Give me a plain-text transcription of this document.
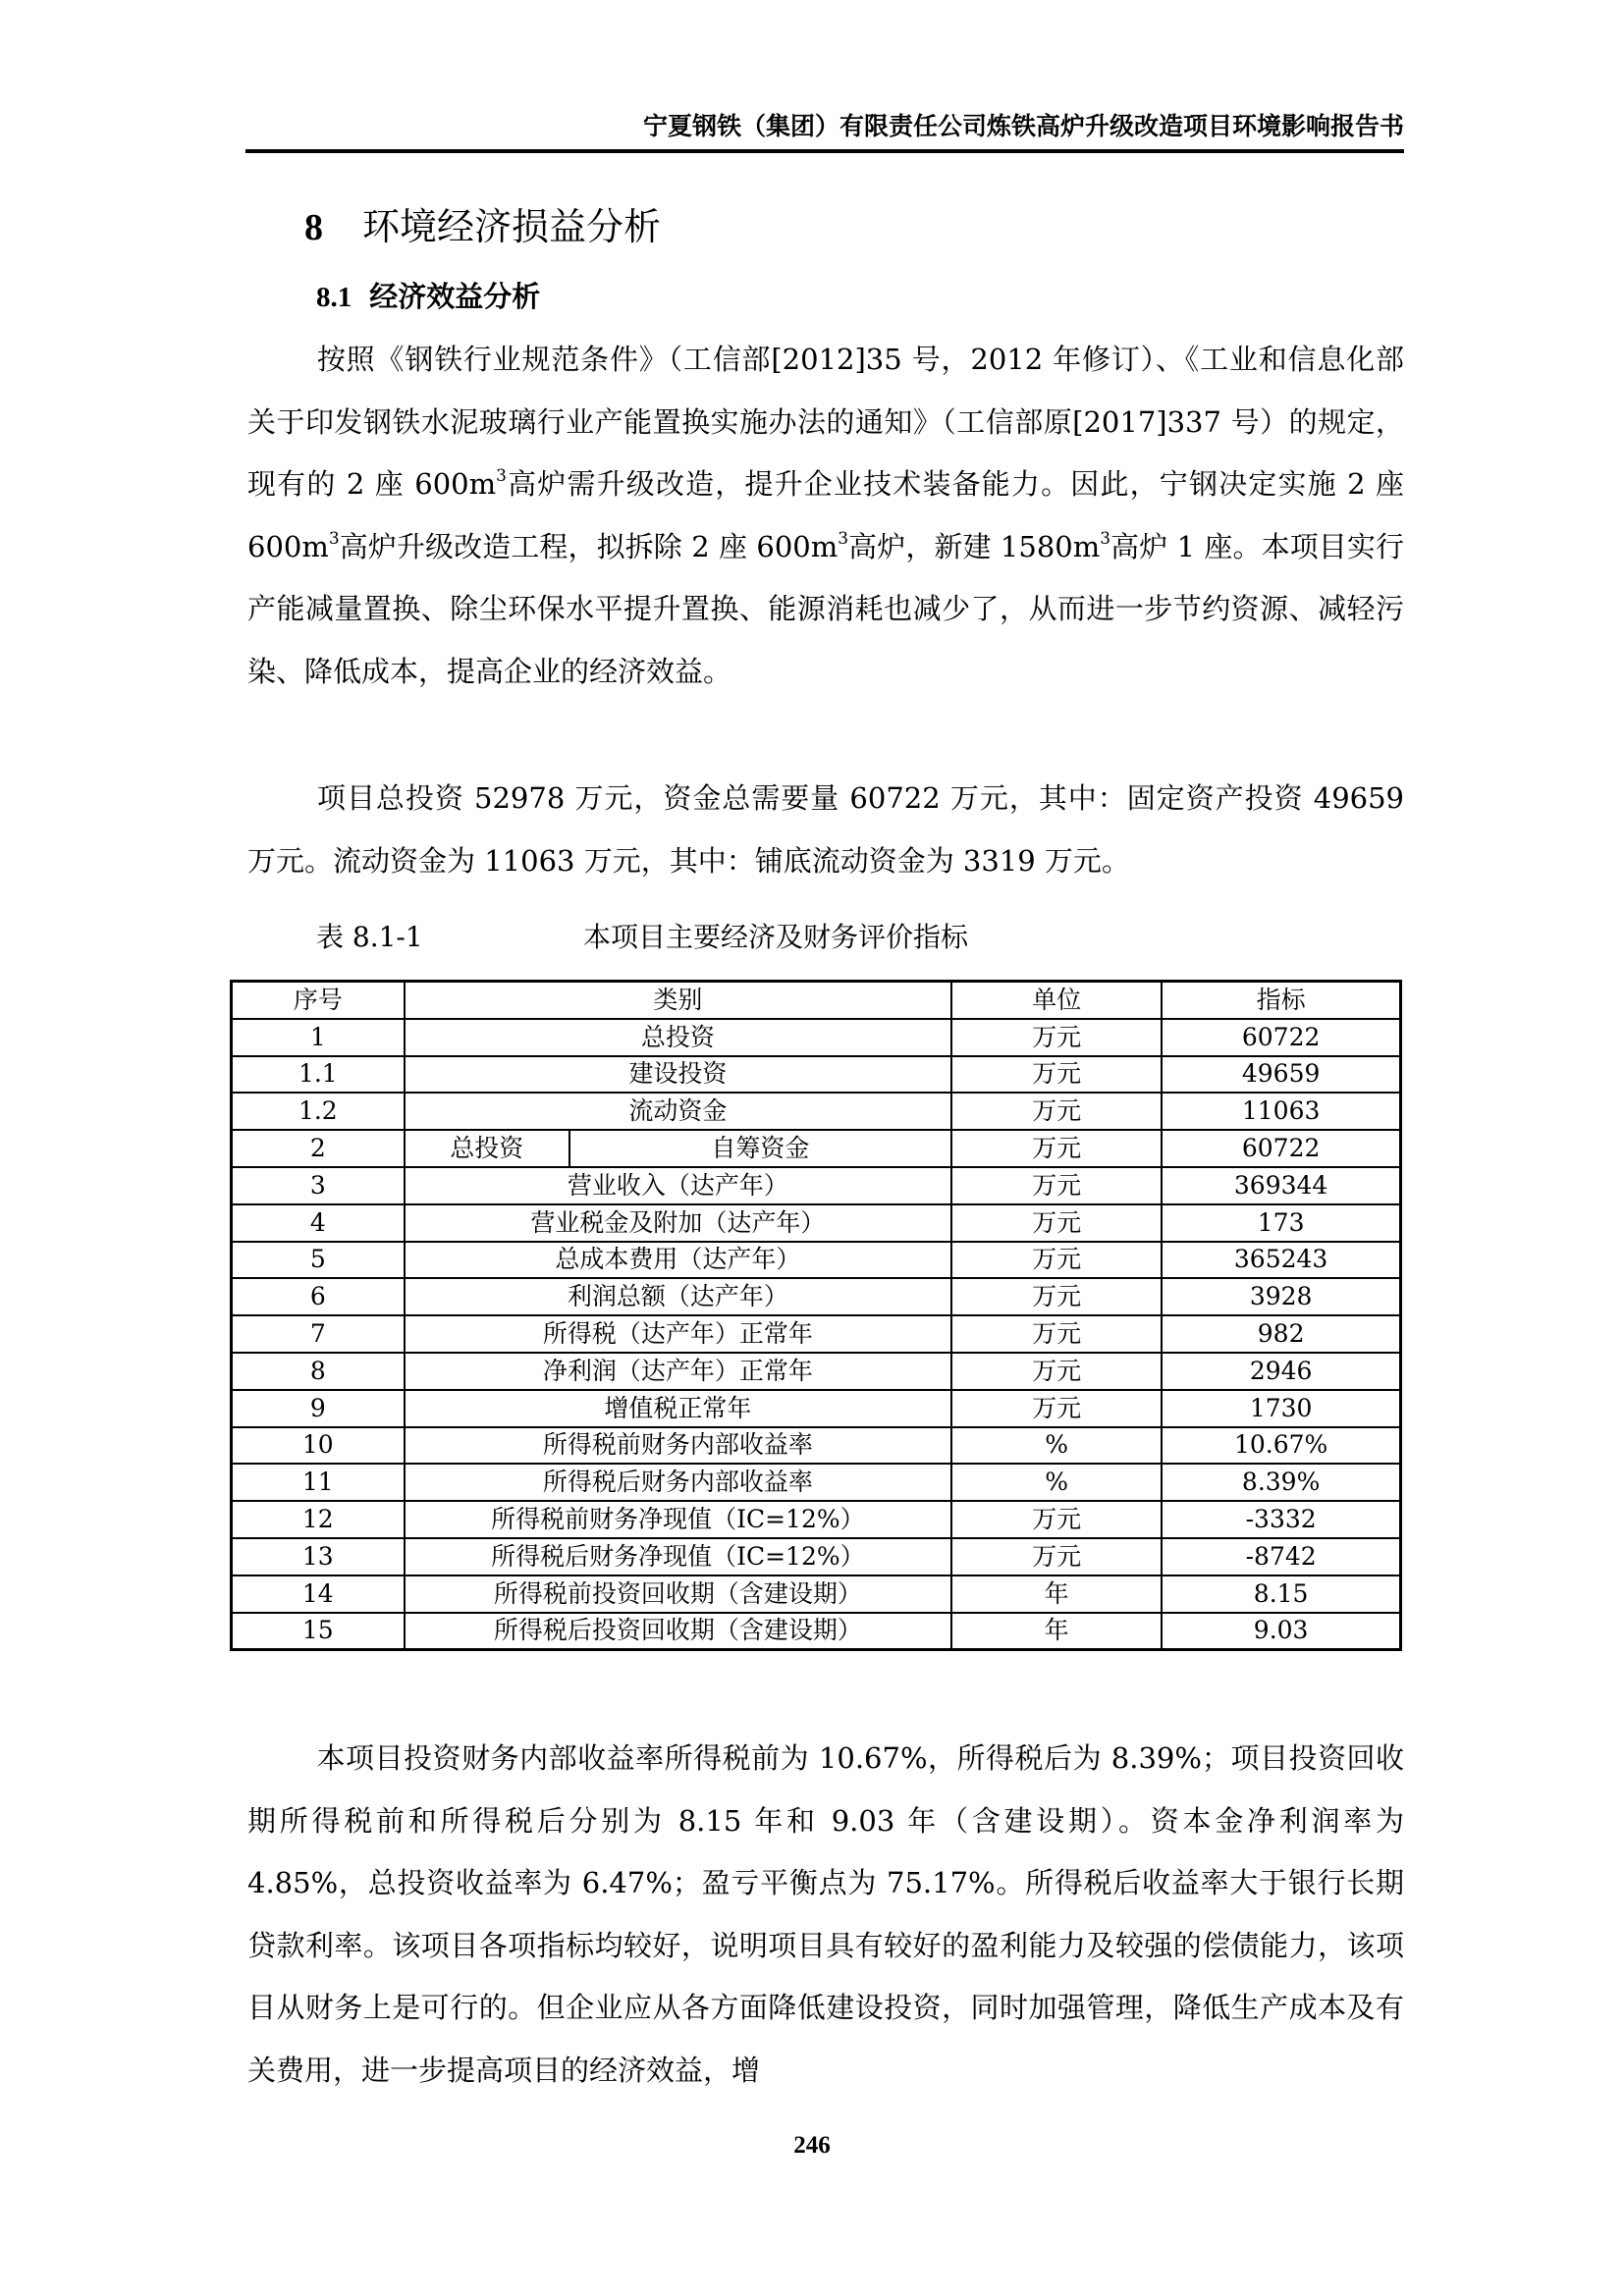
宁夏钢铁（集团）有限责任公司炼铁高炉升级改造项目环境影响报告书
8 环境经济损益分析
8.1 经济效益分析
按照《钢铁行业规范条件》（工信部[2012]35 号，2012 年修订）、《工业和信息化部关于印发钢铁水泥玻璃行业产能置换实施办法的通知》（工信部原[2017]337 号）的规定，现有的 2 座 $600m^3$高炉需升级改造，提升企业技术装备能力。因此，宁钢决定实施 2 座 $600m^3$高炉升级改造工程，拟拆除 2 座 $600m^3$高炉，新建 $1580m^3$高炉 1 座。本项目实行产能减量置换、除尘环保水平提升置换、能源消耗也减少了，从而进一步节约资源、减轻污染、降低成本，提高企业的经济效益。
项目总投资 52978 万元，资金总需要量 60722 万元，其中：固定资产投资 49659 万元。流动资金为 11063 万元，其中：铺底流动资金为 3319 万元。
表 8.1-1	本项目主要经济及财务评价指标
序号	类别		单位	指标
1	总投资		万元	60722
1.1	建设投资		万元	49659
1.2	流动资金		万元	11063
2	总投资	自筹资金	万元	60722
3	营业收入（达产年）		万元	369344
4	营业税金及附加（达产年）		万元	173
5	总成本费用（达产年）		万元	365243
6	利润总额（达产年）		万元	3928
7	所得税（达产年）正常年		万元	982
8	净利润（达产年）正常年		万元	2946
9	增值税正常年		万元	1730
10	所得税前财务内部收益率		%	10.67%
11	所得税后财务内部收益率		%	8.39%
12	所得税前财务净现值（IC=12%）		万元	-3332
13	所得税后财务净现值（IC=12%）		万元	-8742
14	所得税前投资回收期（含建设期）		年	8.15
15	所得税后投资回收期（含建设期）		年	9.03
本项目投资财务内部收益率所得税前为 10.67%，所得税后为 8.39%；项目投资回收期所得税前和所得税后分别为 8.15 年和 9.03 年（含建设期）。资本金净利润率为 4.85%，总投资收益率为 6.47%；盈亏平衡点为 75.17%。所得税后收益率大于银行长期贷款利率。该项目各项指标均较好，说明项目具有较好的盈利能力及较强的偿债能力，该项目从财务上是可行的。但企业应从各方面降低建设投资，同时加强管理，降低生产成本及有关费用，进一步提高项目的经济效益，增
246
